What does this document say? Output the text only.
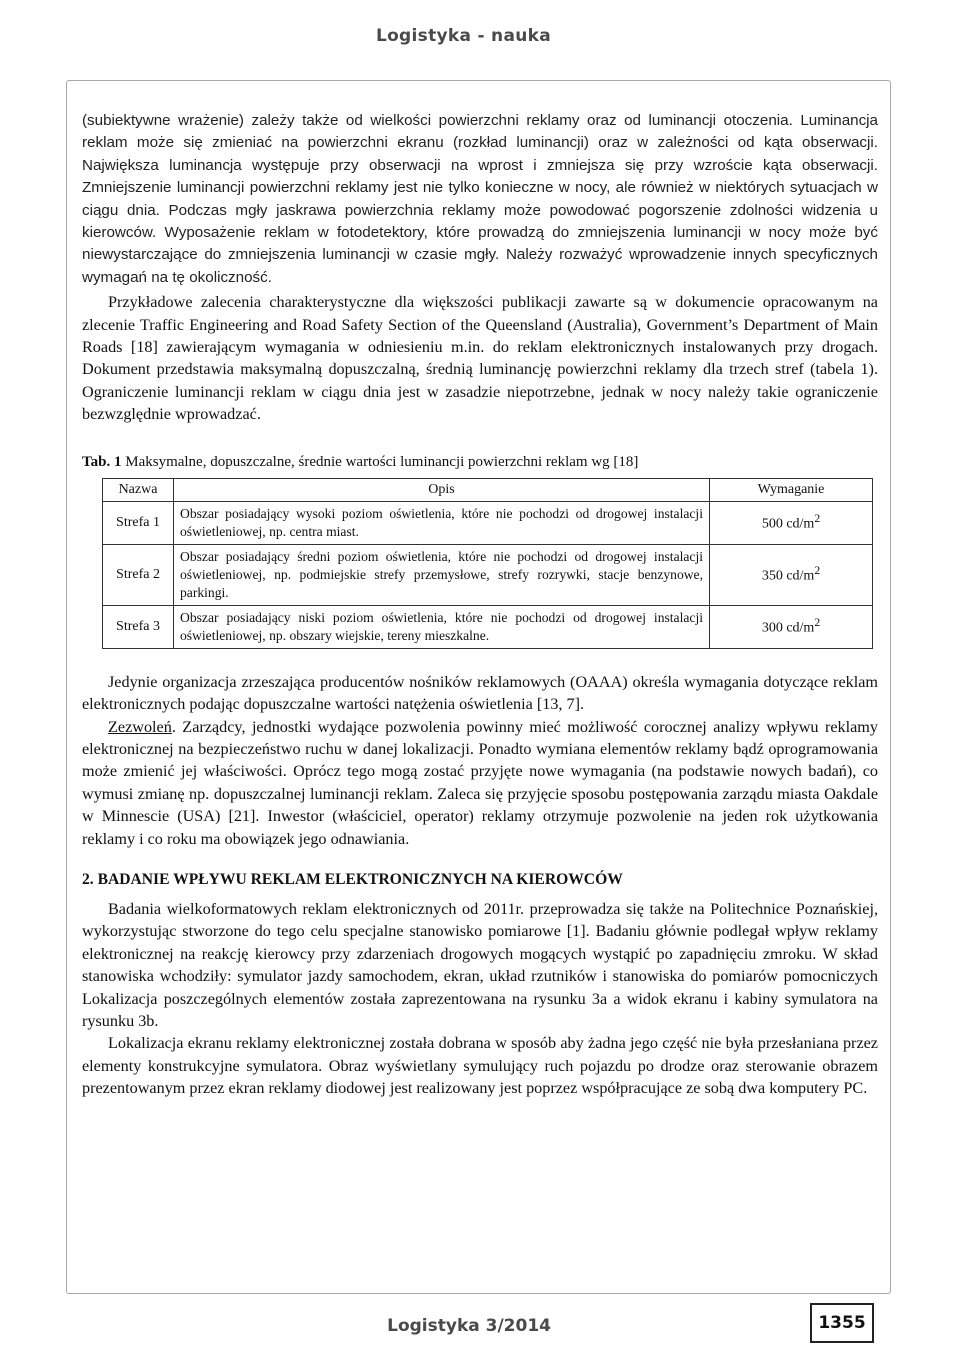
Logistyka - nauka

(subiektywne wrażenie) zależy także od wielkości powierzchni reklamy oraz od luminancji otoczenia. Luminancja reklam może się zmieniać na powierzchni ekranu (rozkład luminancji) oraz w zależności od kąta obserwacji. Największa luminancja występuje przy obserwacji na wprost i zmniejsza się przy wzroście kąta obserwacji. Zmniejszenie luminancji powierzchni reklamy jest nie tylko konieczne w nocy, ale również w niektórych sytuacjach w ciągu dnia. Podczas mgły jaskrawa powierzchnia reklamy może powodować pogorszenie zdolności widzenia u kierowców. Wyposażenie reklam w fotodetektory, które prowadzą do zmniejszenia luminancji w nocy może być niewystarczające do zmniejszenia luminancji w czasie mgły. Należy rozważyć wprowadzenie innych specyficznych wymagań na tę okoliczność.

Przykładowe zalecenia charakterystyczne dla większości publikacji zawarte są w dokumencie opracowanym na zlecenie Traffic Engineering and Road Safety Section of the Queensland (Australia), Government’s Department of Main Roads [18] zawierającym wymagania w odniesieniu m.in. do reklam elektronicznych instalowanych przy drogach. Dokument przedstawia maksymalną dopuszczalną, średnią luminancję powierzchni reklamy dla trzech stref (tabela 1). Ograniczenie luminancji reklam w ciągu dnia jest w zasadzie niepotrzebne, jednak w nocy należy takie ograniczenie bezwzględnie wprowadzać.

Tab. 1 Maksymalne, dopuszczalne, średnie wartości luminancji powierzchni reklam wg [18]
Nazwa	Opis	Wymaganie
Strefa 1	Obszar posiadający wysoki poziom oświetlenia, które nie pochodzi od drogowej instalacji oświetleniowej, np. centra miast.	500 $cd/m^2$
Strefa 2	Obszar posiadający średni poziom oświetlenia, które nie pochodzi od drogowej instalacji oświetleniowej, np. podmiejskie strefy przemysłowe, strefy rozrywki, stacje benzynowe, parkingi.	350 $cd/m^2$
Strefa 3	Obszar posiadający niski poziom oświetlenia, które nie pochodzi od drogowej instalacji oświetleniowej, np. obszary wiejskie, tereny mieszkalne.	300 $cd/m^2$

Jedynie organizacja zrzeszająca producentów nośników reklamowych (OAAA) określa wymagania dotyczące reklam elektronicznych podając dopuszczalne wartości natężenia oświetlenia [13, 7].

Zezwoleń. Zarządcy, jednostki wydające pozwolenia powinny mieć możliwość corocznej analizy wpływu reklamy elektronicznej na bezpieczeństwo ruchu w danej lokalizacji. Ponadto wymiana elementów reklamy bądź oprogramowania może zmienić jej właściwości. Oprócz tego mogą zostać przyjęte nowe wymagania (na podstawie nowych badań), co wymusi zmianę np. dopuszczalnej luminancji reklam. Zaleca się przyjęcie sposobu postępowania zarządu miasta Oakdale w Minnescie (USA) [21]. Inwestor (właściciel, operator) reklamy otrzymuje pozwolenie na jeden rok użytkowania reklamy i co roku ma obowiązek jego odnawiania.

2. BADANIE WPŁYWU REKLAM ELEKTRONICZNYCH NA KIEROWCÓW

Badania wielkoformatowych reklam elektronicznych od 2011r. przeprowadza się także na Politechnice Poznańskiej, wykorzystując stworzone do tego celu specjalne stanowisko pomiarowe [1]. Badaniu głównie podlegał wpływ reklamy elektronicznej na reakcję kierowcy przy zdarzeniach drogowych mogących wystąpić po zapadnięciu zmroku. W skład stanowiska wchodziły: symulator jazdy samochodem, ekran, układ rzutników i stanowiska do pomiarów pomocniczych Lokalizacja poszczególnych elementów została zaprezentowana na rysunku 3a a widok ekranu i kabiny symulatora na rysunku 3b.

Lokalizacja ekranu reklamy elektronicznej została dobrana w sposób aby żadna jego część nie była przesłaniana przez elementy konstrukcyjne symulatora. Obraz wyświetlany symulujący ruch pojazdu po drodze oraz sterowanie obrazem prezentowanym przez ekran reklamy diodowej jest realizowany jest poprzez współpracujące ze sobą dwa komputery PC.

Logistyka 3/2014	1355
